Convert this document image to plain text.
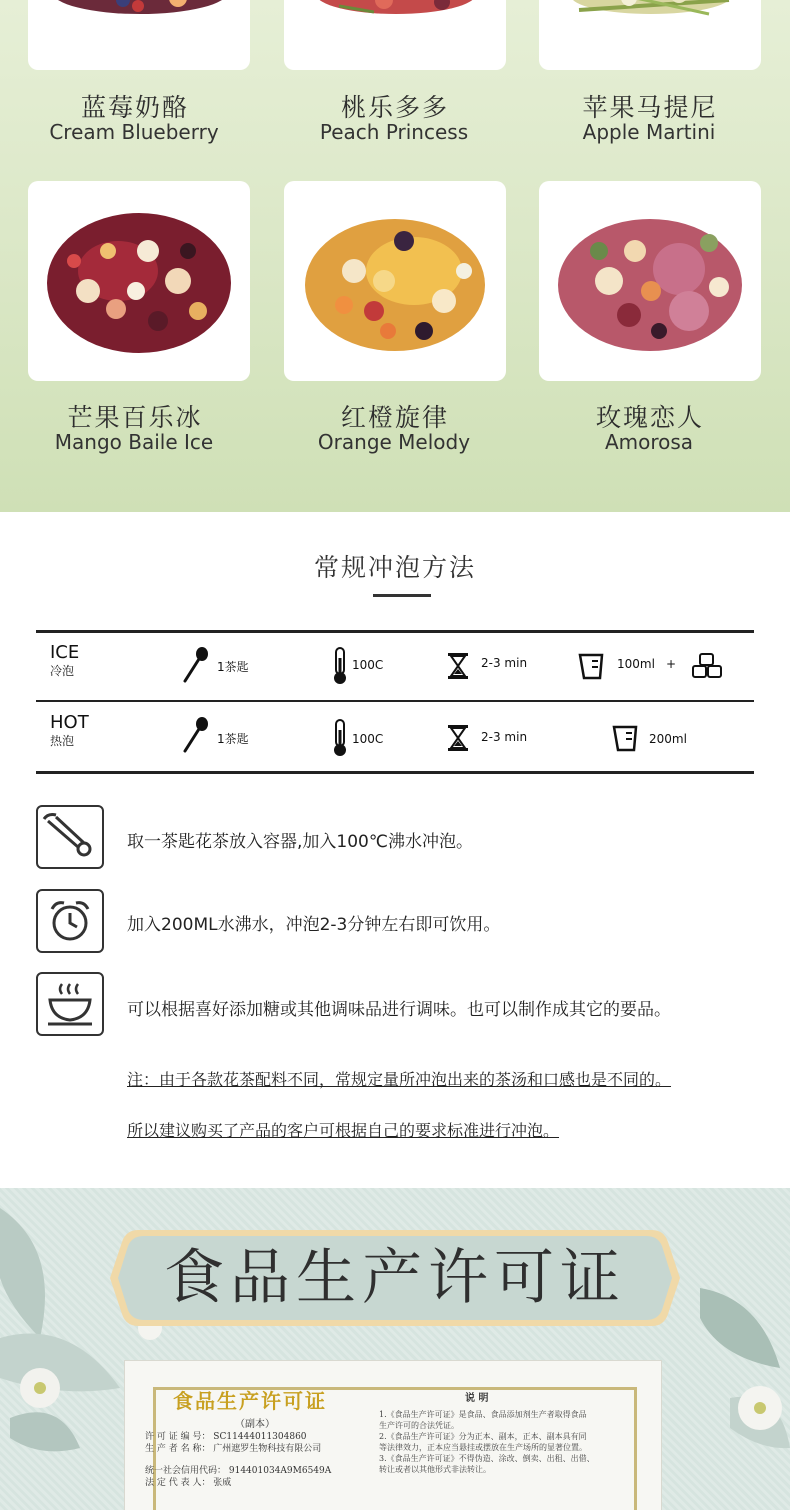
蓝莓奶酪
Cream Blueberry
桃乐多多
Peach Princess
苹果马提尼
Apple Martini
芒果百乐冰
Mango Baile Ice
红橙旋律
Orange Melody
玫瑰恋人
Amorosa
常规冲泡方法
ICE
冷泡	1茶匙	100C	2-3 min	100ml +
HOT
热泡	1茶匙	100C	2-3 min	200ml
取一茶匙花茶放入容器,加入100℃沸水冲泡。
加入200ML水沸水，冲泡2-3分钟左右即可饮用。
可以根据喜好添加糖或其他调味品进行调味。也可以制作成其它的要品。
注：由于各款花茶配料不同，常规定量所冲泡出来的茶汤和口感也是不同的。
所以建议购买了产品的客户可根据自己的要求标准进行冲泡。
食品生产许可证
食品生产许可证
（副本）
许 可 证 编 号： SC11444011304860
生 产 者 名 称： 广州遮罗生物科技有限公司
统一社会信用代码： 914401034A9M6549A
法 定 代 表 人： 张威
说 明
1.《食品生产许可证》是食品、食品添加剂生产者取得食品
生产许可的合法凭证。
2.《食品生产许可证》分为正本、副本，正本、副本具有同
等法律效力，正本应当悬挂或摆放在生产场所的显著位置。
3.《食品生产许可证》不得伪造、涂改、倒卖、出租、出借、
转让或者以其他形式非法转让。
